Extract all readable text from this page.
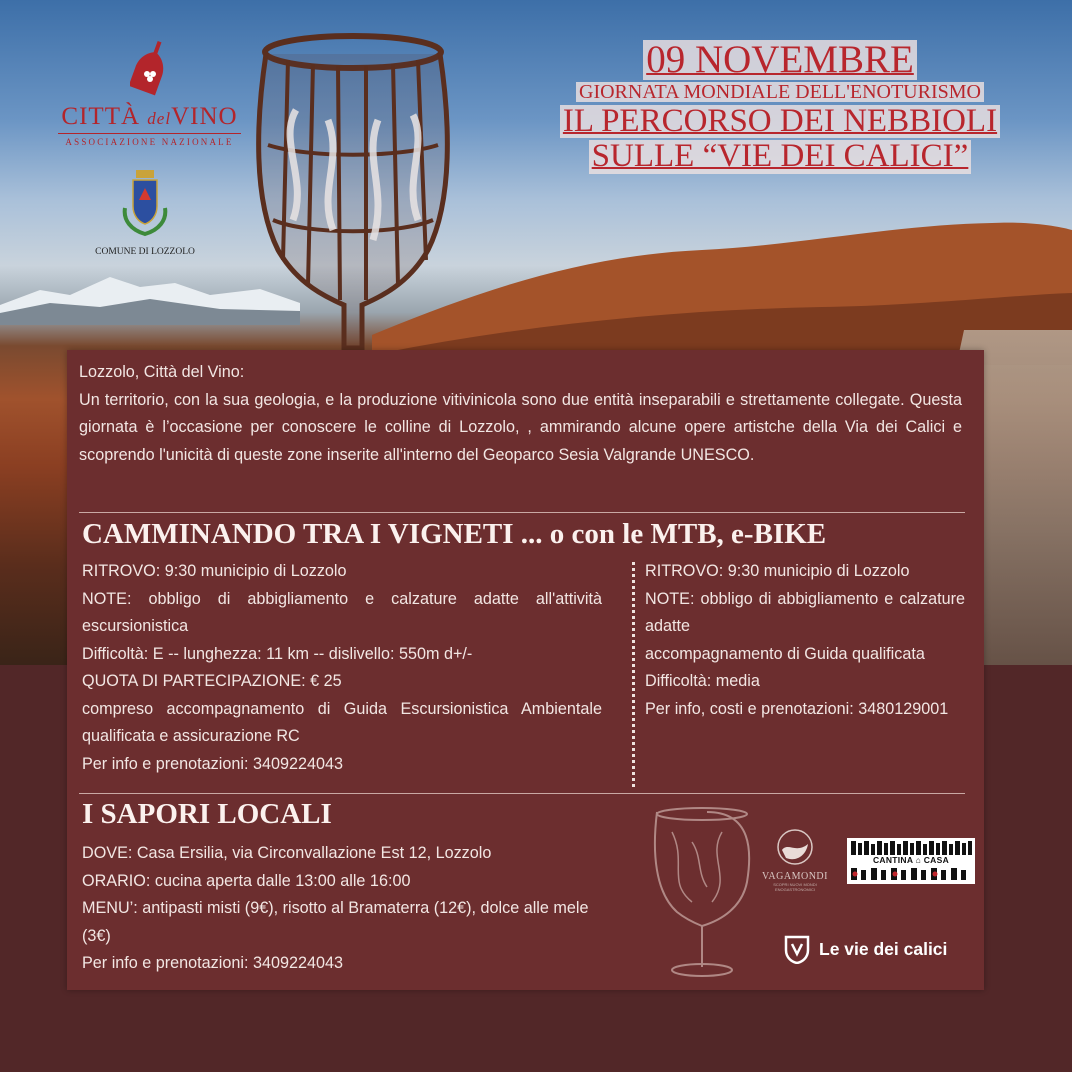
CITTÀ delVINO
ASSOCIAZIONE NAZIONALE
COMUNE DI LOZZOLO
09 NOVEMBRE
GIORNATA MONDIALE DELL'ENOTURISMO
IL PERCORSO DEI NEBBIOLI
SULLE “VIE DEI CALICI”
Lozzolo, Città del Vino:
Un territorio, con la sua geologia, e la produzione vitivinicola sono due entità inseparabili e strettamente collegate. Questa giornata è l’occasione per conoscere le colline di Lozzolo, , ammirando alcune opere artistche della Via dei Calici e scoprendo l'unicità di queste zone inserite all'interno del Geoparco Sesia Valgrande UNESCO.
CAMMINANDO TRA I VIGNETI ... o con le MTB, e-BIKE
RITROVO: 9:30 municipio di Lozzolo
NOTE: obbligo di abbigliamento e calzature adatte all'attività escursionistica
Difficoltà: E -- lunghezza: 11 km -- dislivello: 550m d+/-
QUOTA DI PARTECIPAZIONE: € 25
compreso accompagnamento di Guida Escursionistica Ambientale qualificata e assicurazione RC
Per info e prenotazioni: 3409224043
RITROVO: 9:30 municipio di Lozzolo
NOTE: obbligo di abbigliamento e calzature adatte
accompagnamento di Guida qualificata
Difficoltà: media
Per info, costi e prenotazioni: 3480129001
I SAPORI LOCALI
DOVE: Casa Ersilia, via Circonvallazione Est 12, Lozzolo
ORARIO: cucina aperta dalle 13:00 alle 16:00
MENU’: antipasti misti (9€), risotto al Bramaterra (12€), dolce alle mele (3€)
Per info e prenotazioni: 3409224043
VAGAMONDI
SCOPRI NUOVI MONDI ENOGASTRONOMICI
CANTINA ⌂ CASA
Le vie dei calici
